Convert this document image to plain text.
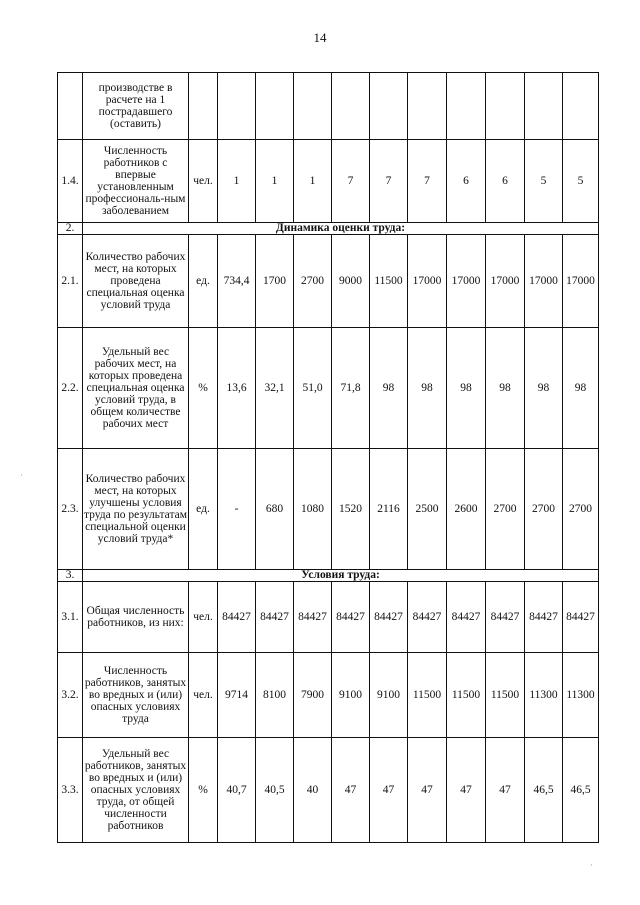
14
	производстве в расчете на 1 пострадавшего (оставить)											
1.4.	Численность работников с впервые установленным профессиональ-ным заболеванием	чел.	1	1	1	7	7	7	6	6	5	5
2.	Динамика оценки труда:											
2.1.	Количество рабочих мест, на которых проведена специальная оценка условий труда	ед.	734,4	1700	2700	9000	11500	17000	17000	17000	17000	17000
2.2.	Удельный вес рабочих мест, на которых проведена специальная оценка условий труда, в общем количестве рабочих мест	%	13,6	32,1	51,0	71,8	98	98	98	98	98	98
2.3.	Количество рабочих мест, на которых улучшены условия труда по результатам специальной оценки условий труда*	ед.	-	680	1080	1520	2116	2500	2600	2700	2700	2700
3.	Условия труда:											
3.1.	Общая численность работников, из них:	чел.	84427	84427	84427	84427	84427	84427	84427	84427	84427	84427
3.2.	Численность работников, занятых во вредных и (или) опасных условиях труда	чел.	9714	8100	7900	9100	9100	11500	11500	11500	11300	11300
3.3.	Удельный вес работников, занятых во вредных и (или) опасных условиях труда, от общей численности работников	%	40,7	40,5	40	47	47	47	47	47	46,5	46,5
·
·
